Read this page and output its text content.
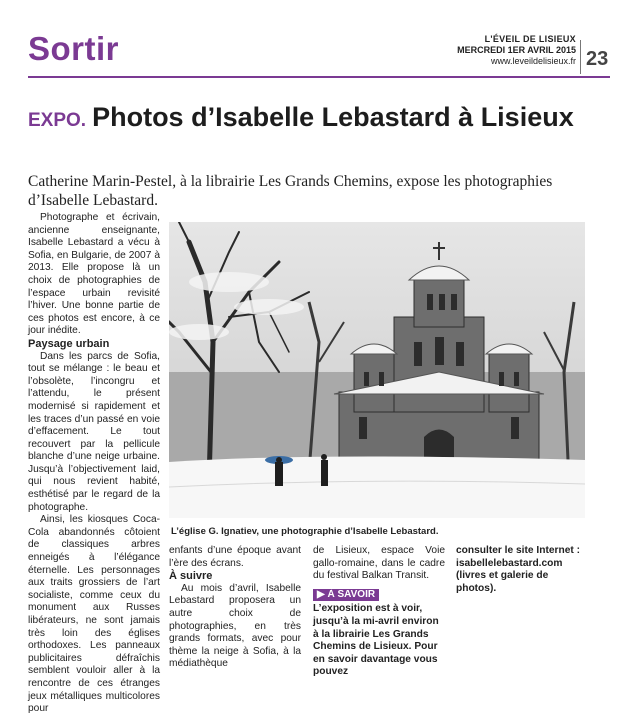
Sortir	L'ÉVEIL DE LISIEUX
MERCREDI 1ER AVRIL 2015
www.leveildelisieux.fr 23
EXPO. Photos d’Isabelle Lebastard à Lisieux
Catherine Marin-Pestel, à la librairie Les Grands Chemins, expose les photographies d’Isabelle Lebastard.

Photographe et écrivain, ancienne enseignante, Isabelle Lebastard a vécu à Sofia, en Bulgarie, de 2007 à 2013. Elle propose là un choix de photographies de l’espace urbain revisité l’hiver. Une bonne partie de ces photos est encore, à ce jour inédite.

Paysage urbain

Dans les parcs de Sofia, tout se mélange : le beau et l’obsolète, l’incongru et l’attendu, le présent modernisé si rapidement et les traces d’un passé en voie d’effacement. Le tout recouvert par la pellicule blanche d’une neige urbaine. Jusqu’à l’objectivement laid, qui nous revient habité, esthétisé par le regard de la photographe.

Ainsi, les kiosques Coca-Cola abandonnés côtoient de classiques arbres enneigés à l’élégance éternelle. Les personnages aux traits grossiers de l’art socialiste, comme ceux du monument aux Russes libérateurs, ne sont jamais très loin des églises orthodoxes. Les panneaux publicitaires défraîchis semblent vouloir aller à la rencontre de ces étranges jeux métalliques multicolores pour

L’église G. Ignatiev, une photographie d’Isabelle Lebastard.

enfants d’une époque avant l’ère des écrans.

À suivre

Au mois d’avril, Isabelle Lebastard proposera un autre choix de photographies, en très grands formats, avec pour thème la neige à Sofia, à la médiathèque

de Lisieux, espace Voie gallo-romaine, dans le cadre du festival Balkan Transit.

▶ À SAVOIR

L’exposition est à voir, jusqu’à la mi-avril environ à la librairie Les Grands Chemins de Lisieux. Pour en savoir davantage vous pouvez

consulter le site Internet : isabellelebastard.com (livres et galerie de photos).
